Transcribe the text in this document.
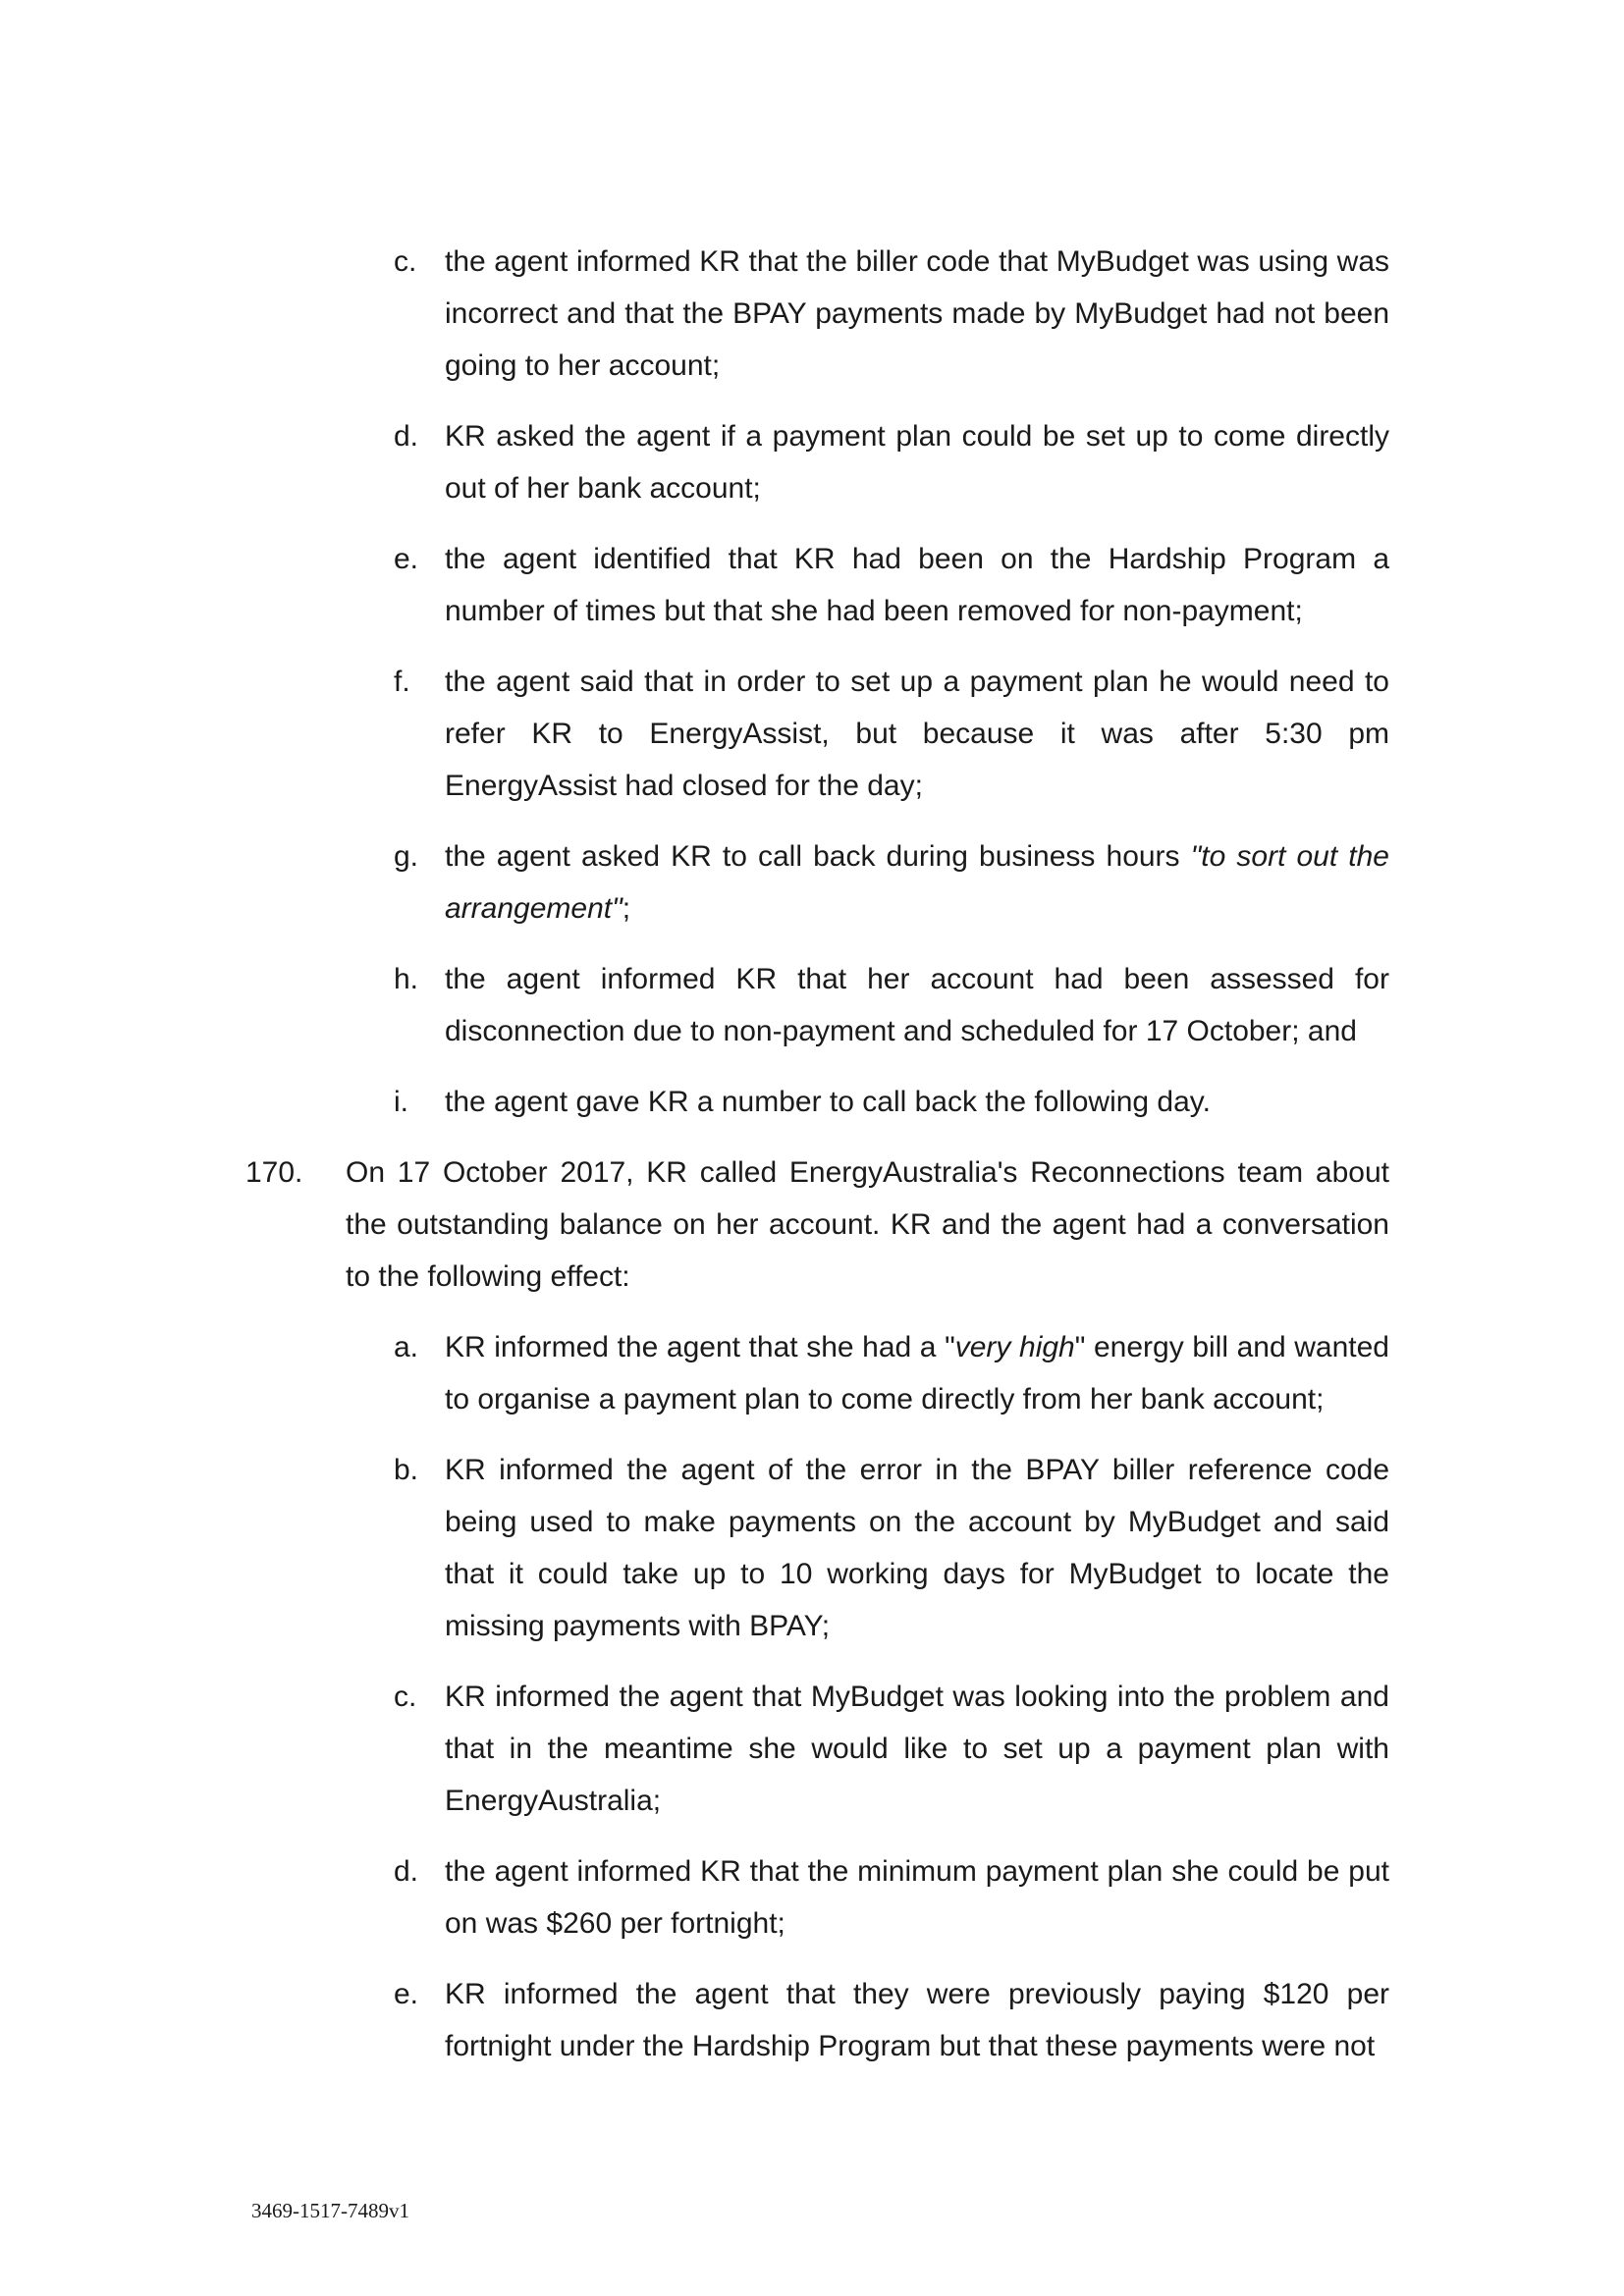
c. the agent informed KR that the biller code that MyBudget was using was incorrect and that the BPAY payments made by MyBudget had not been going to her account;
d. KR asked the agent if a payment plan could be set up to come directly out of her bank account;
e. the agent identified that KR had been on the Hardship Program a number of times but that she had been removed for non-payment;
f. the agent said that in order to set up a payment plan he would need to refer KR to EnergyAssist, but because it was after 5:30 pm EnergyAssist had closed for the day;
g. the agent asked KR to call back during business hours "to sort out the arrangement";
h. the agent informed KR that her account had been assessed for disconnection due to non-payment and scheduled for 17 October; and
i. the agent gave KR a number to call back the following day.
170. On 17 October 2017, KR called EnergyAustralia's Reconnections team about the outstanding balance on her account. KR and the agent had a conversation to the following effect:
a. KR informed the agent that she had a "very high" energy bill and wanted to organise a payment plan to come directly from her bank account;
b. KR informed the agent of the error in the BPAY biller reference code being used to make payments on the account by MyBudget and said that it could take up to 10 working days for MyBudget to locate the missing payments with BPAY;
c. KR informed the agent that MyBudget was looking into the problem and that in the meantime she would like to set up a payment plan with EnergyAustralia;
d. the agent informed KR that the minimum payment plan she could be put on was $260 per fortnight;
e. KR informed the agent that they were previously paying $120 per fortnight under the Hardship Program but that these payments were not
3469-1517-7489v1
